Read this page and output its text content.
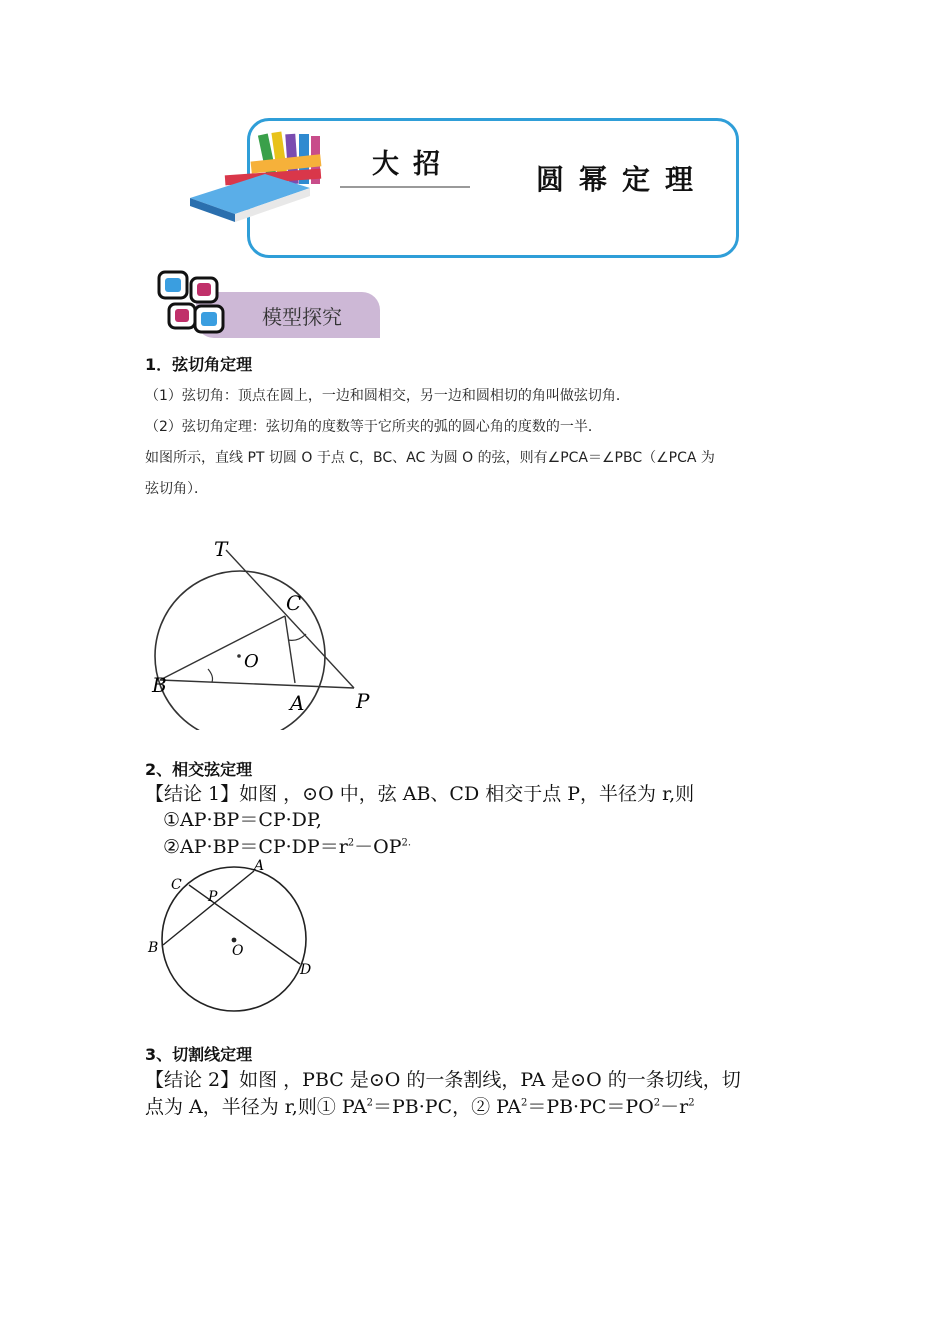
大招	圆幂定理
模型探究
1．弦切角定理
（1）弦切角：顶点在圆上，一边和圆相交，另一边和圆相切的角叫做弦切角．
（2）弦切角定理：弦切角的度数等于它所夹的弧的圆心角的度数的一半．
如图所示，直线 PT 切圆 O 于点 C，BC、AC 为圆 O 的弦，则有∠PCA＝∠PBC（∠PCA 为
弦切角）．
T
C
O
B
A	P
2、相交弦定理
【结论 1】如图 ，⊙O 中，弦 AB、CD 相交于点 P，半径为 r,则
①AP·BP＝CP·DP,
$②AP\cdot BP=CP\cdot DP=r^2-OP^{2.}$
A
C
P
B	O
D
3、切割线定理
【结论 2】如图 ，PBC 是⊙O 的一条割线，PA 是⊙O 的一条切线，切
点为 A，半径为 r,则① $PA^2=PB\cdot PC$，② $PA^2=PB\cdot PC=PO^2-r^2$
